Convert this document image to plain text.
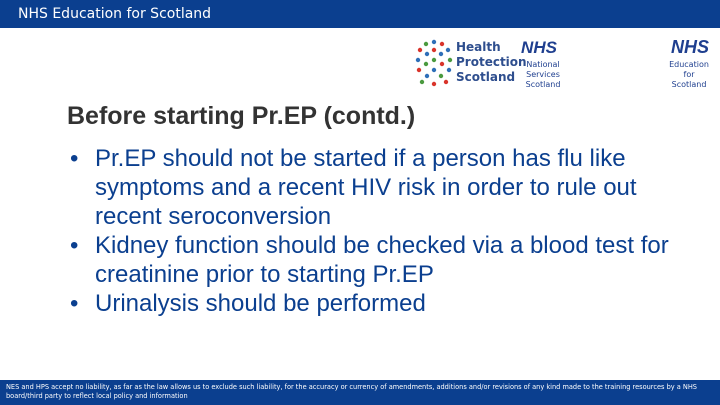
NHS Education for Scotland
Health
Protection
Scotland
NHS
National
Services
Scotland
NHS
Education
for
Scotland
Before starting Pr.EP (contd.)
• Pr.EP should not be started if a person has flu like symptoms and a recent HIV risk in order to rule out recent seroconversion
• Kidney function should be checked via a blood test for creatinine prior to starting Pr.EP
• Urinalysis should be performed
NES and HPS accept no liability, as far as the law allows us to exclude such liability, for the accuracy or currency of amendments, additions and/or revisions of any kind made to the training resources by a NHS
board/third party to reflect local policy and information
